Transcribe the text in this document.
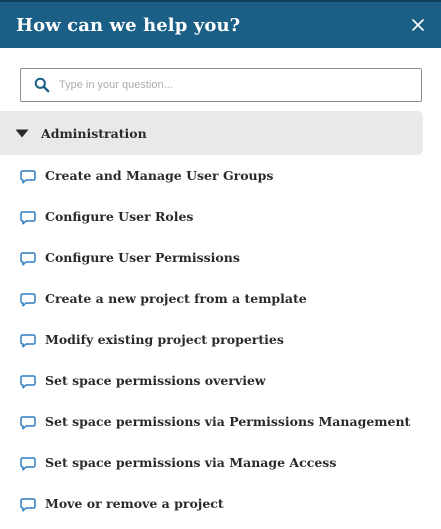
How can we help you?
Type in your question...
Administration
Create and Manage User Groups
Configure User Roles
Configure User Permissions
Create a new project from a template
Modify existing project properties
Set space permissions overview
Set space permissions via Permissions Management
Set space permissions via Manage Access
Move or remove a project
